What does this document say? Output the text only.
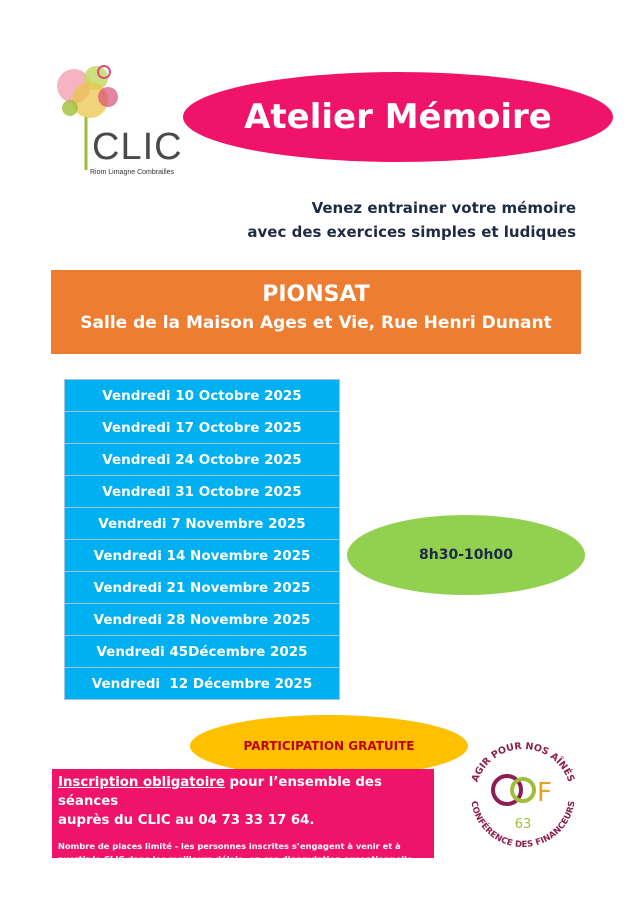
CLIC
Riom Limagne Combrailles
Atelier Mémoire
Venez entrainer votre mémoire
avec des exercices simples et ludiques
PIONSAT
Salle de la Maison Ages et Vie, Rue Henri Dunant
Vendredi 10 Octobre 2025
Vendredi 17 Octobre 2025
Vendredi 24 Octobre 2025
Vendredi 31 Octobre 2025
Vendredi 7 Novembre 2025
Vendredi 14 Novembre 2025
Vendredi 21 Novembre 2025
Vendredi 28 Novembre 2025
Vendredi 45Décembre 2025
Vendredi  12 Décembre 2025
8h30-10h00
PARTICIPATION GRATUITE
Inscription obligatoire pour l’ensemble des séances
auprès du CLIC au 04 73 33 17 64.
Nombre de places limité - les personnes inscrites s’engagent à venir et à
avertir le CLIC dans les meilleurs délais, en cas d’annulation exceptionnelle.
AGIR POUR NOS AÎNÉS
CONFÉRENCE DES FINANCEURS
F
63
